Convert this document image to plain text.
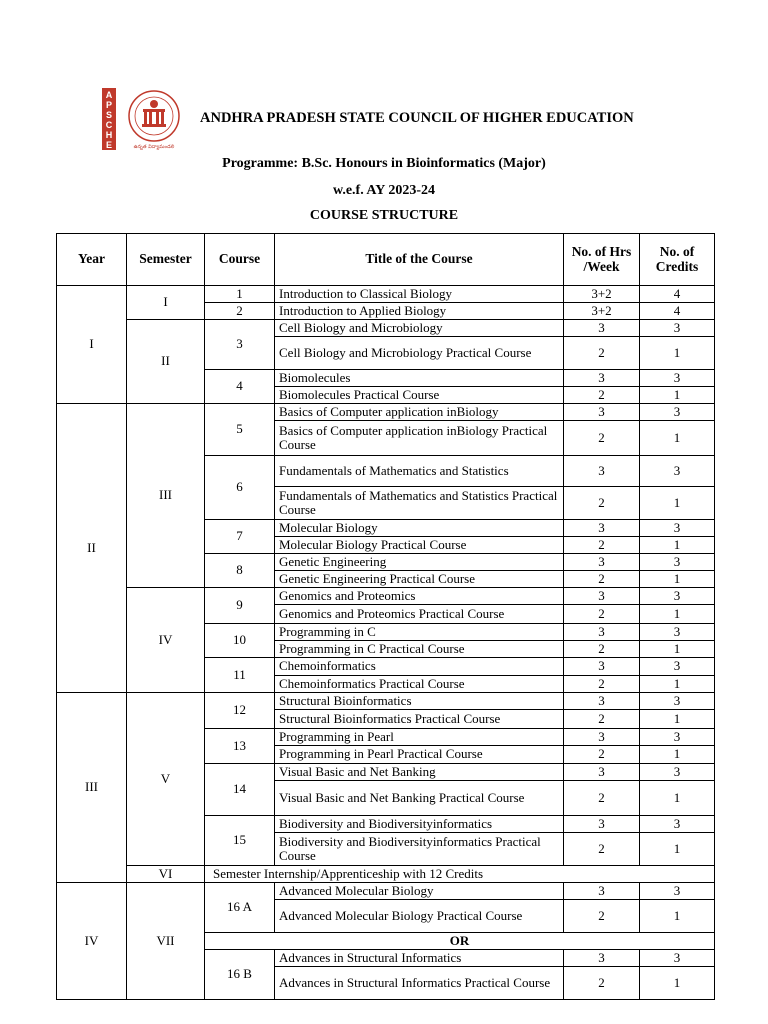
A
P
S
C
H
E	ఉన్నత విద్యామండలి
ANDHRA PRADESH STATE COUNCIL OF HIGHER EDUCATION
Programme: B.Sc. Honours in Bioinformatics (Major)
w.e.f. AY 2023-24
COURSE STRUCTURE
Year	Semester	Course	Title of the Course	No. of Hrs /Week	No. of Credits
I	I	1	Introduction to Classical Biology	3+2	4
		2	Introduction to Applied Biology	3+2	4
	II	3	Cell Biology and Microbiology	3	3
			Cell Biology and Microbiology Practical Course	2	1
		4	Biomolecules	3	3
			Biomolecules Practical Course	2	1
II	III	5	Basics of Computer application inBiology	3	3
			Basics of Computer application inBiology Practical Course	2	1
		6	Fundamentals of Mathematics and Statistics	3	3
			Fundamentals of Mathematics and Statistics Practical Course	2	1
		7	Molecular Biology	3	3
			Molecular Biology Practical Course	2	1
		8	Genetic Engineering	3	3
			Genetic Engineering Practical Course	2	1
	IV	9	Genomics and Proteomics	3	3
			Genomics and Proteomics Practical Course	2	1
		10	Programming in C	3	3
			Programming in C Practical Course	2	1
		11	Chemoinformatics	3	3
			Chemoinformatics Practical Course	2	1
III	V	12	Structural Bioinformatics	3	3
			Structural Bioinformatics Practical Course	2	1
		13	Programming in Pearl	3	3
			Programming in Pearl Practical Course	2	1
		14	Visual Basic and Net Banking	3	3
			Visual Basic and Net Banking Practical Course	2	1
		15	Biodiversity and Biodiversityinformatics	3	3
			Biodiversity and Biodiversityinformatics Practical Course	2	1
	VI	Semester Internship/Apprenticeship with 12 Credits			
IV	VII	16 A	Advanced Molecular Biology	3	3
			Advanced Molecular Biology Practical Course	2	1
		OR			
		16 B	Advances in Structural Informatics	3	3
			Advances in Structural Informatics Practical Course	2	1
